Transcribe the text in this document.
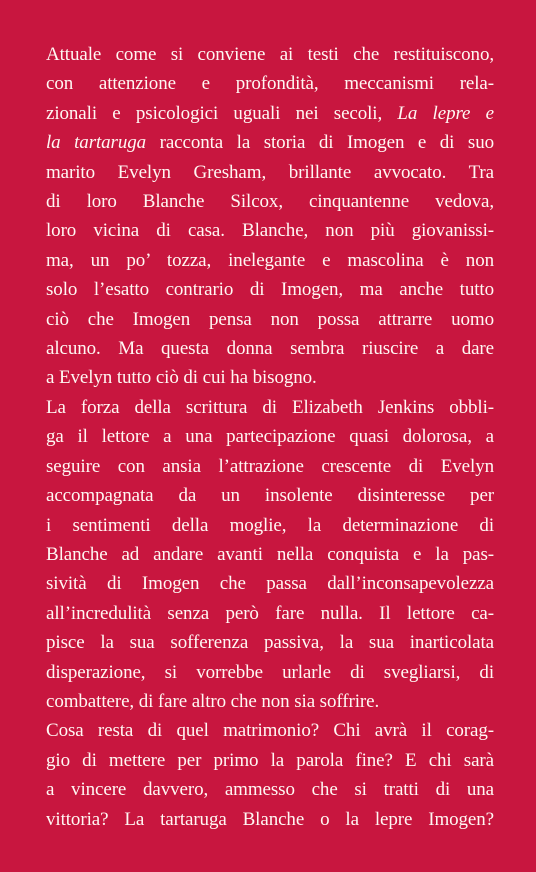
Attuale come si conviene ai testi che restituiscono,
con attenzione e profondità, meccanismi rela-
zionali e psicologici uguali nei secoli, La lepre e
la tartaruga racconta la storia di Imogen e di suo
marito Evelyn Gresham, brillante avvocato. Tra
di loro Blanche Silcox, cinquantenne vedova,
loro vicina di casa. Blanche, non più giovanissi-
ma, un po’ tozza, inelegante e mascolina è non
solo l’esatto contrario di Imogen, ma anche tutto
ciò che Imogen pensa non possa attrarre uomo
alcuno. Ma questa donna sembra riuscire a dare
a Evelyn tutto ciò di cui ha bisogno.

La forza della scrittura di Elizabeth Jenkins obbli-
ga il lettore a una partecipazione quasi dolorosa, a
seguire con ansia l’attrazione crescente di Evelyn
accompagnata da un insolente disinteresse per
i sentimenti della moglie, la determinazione di
Blanche ad andare avanti nella conquista e la pas-
sività di Imogen che passa dall’inconsapevolezza
all’incredulità senza però fare nulla. Il lettore ca-
pisce la sua sofferenza passiva, la sua inarticolata
disperazione, si vorrebbe urlarle di svegliarsi, di
combattere, di fare altro che non sia soffrire.

Cosa resta di quel matrimonio? Chi avrà il corag-
gio di mettere per primo la parola fine? E chi sarà
a vincere davvero, ammesso che si tratti di una
vittoria? La tartaruga Blanche o la lepre Imogen?
